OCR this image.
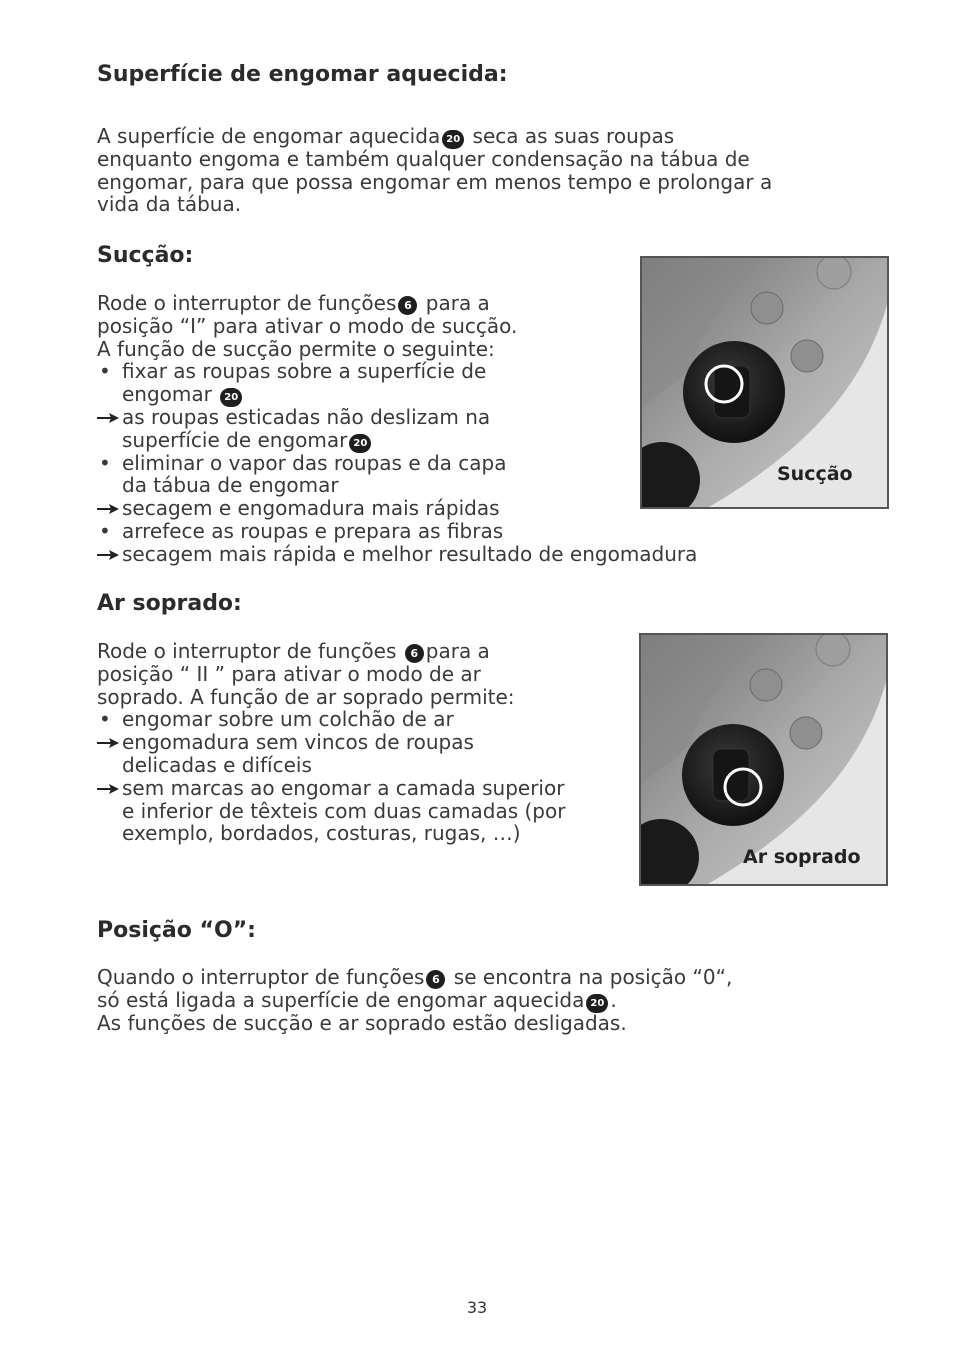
Superfície de engomar aquecida:
A superfície de engomar aquecida 20 seca as suas roupas
enquanto engoma e também qualquer condensação na tábua de
engomar, para que possa engomar em menos tempo e prolongar a
vida da tábua.
Sucção:
Rode o interruptor de funções 6 para a
posição “I” para ativar o modo de sucção.
A função de sucção permite o seguinte:
• fixar as roupas sobre a superfície de
engomar 20
as roupas esticadas não deslizam na
superfície de engomar 20
• eliminar o vapor das roupas e da capa
da tábua de engomar
secagem e engomadura mais rápidas
• arrefece as roupas e prepara as fibras
secagem mais rápida e melhor resultado de engomadura
Sucção
Ar soprado:
Rode o interruptor de funções 6 para a
posição “ II ” para ativar o modo de ar
soprado. A função de ar soprado permite:
• engomar sobre um colchão de ar
engomadura sem vincos de roupas
delicadas e difíceis
sem marcas ao engomar a camada superior
e inferior de têxteis com duas camadas (por
exemplo, bordados, costuras, rugas, …)
Ar soprado
Posição “O”:
Quando o interruptor de funções 6 se encontra na posição “0“,
só está ligada a superfície de engomar aquecida 20 .
As funções de sucção e ar soprado estão desligadas.
33
